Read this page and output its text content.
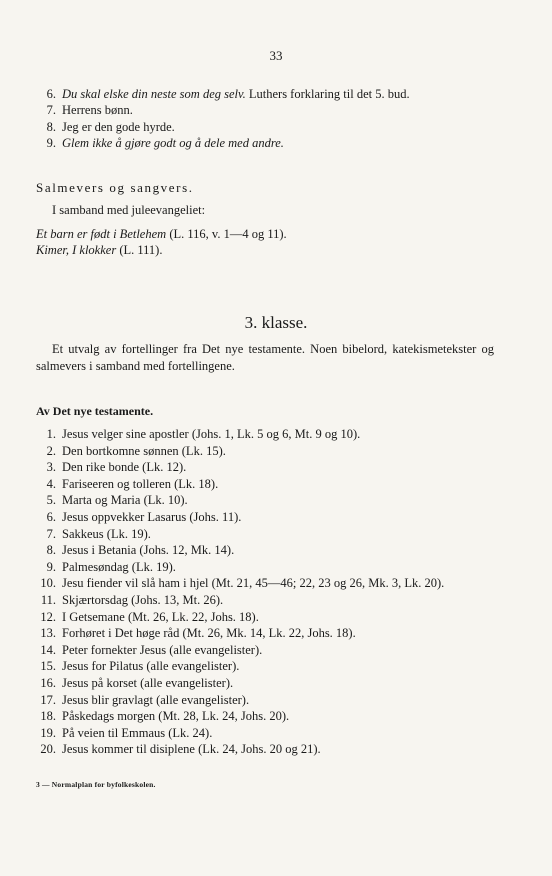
33
6. Du skal elske din neste som deg selv. Luthers forklaring til det 5. bud.
7. Herrens bønn.
8. Jeg er den gode hyrde.
9. Glem ikke å gjøre godt og å dele med andre.
Salmevers og sangvers.
I samband med juleevangeliet:
Et barn er født i Betlehem (L. 116, v. 1—4 og 11).
Kimer, I klokker (L. 111).
3. klasse.
Et utvalg av fortellinger fra Det nye testamente. Noen bibelord, katekismetekster og salmevers i samband med fortellingene.
Av Det nye testamente.
1. Jesus velger sine apostler (Johs. 1, Lk. 5 og 6, Mt. 9 og 10).
2. Den bortkomne sønnen (Lk. 15).
3. Den rike bonde (Lk. 12).
4. Fariseeren og tolleren (Lk. 18).
5. Marta og Maria (Lk. 10).
6. Jesus oppvekker Lasarus (Johs. 11).
7. Sakkeus (Lk. 19).
8. Jesus i Betania (Johs. 12, Mk. 14).
9. Palmesøndag (Lk. 19).
10. Jesu fiender vil slå ham i hjel (Mt. 21, 45—46; 22, 23 og 26, Mk. 3, Lk. 20).
11. Skjærtorsdag (Johs. 13, Mt. 26).
12. I Getsemane (Mt. 26, Lk. 22, Johs. 18).
13. Forhøret i Det høge råd (Mt. 26, Mk. 14, Lk. 22, Johs. 18).
14. Peter fornekter Jesus (alle evangelister).
15. Jesus for Pilatus (alle evangelister).
16. Jesus på korset (alle evangelister).
17. Jesus blir gravlagt (alle evangelister).
18. Påskedags morgen (Mt. 28, Lk. 24, Johs. 20).
19. På veien til Emmaus (Lk. 24).
20. Jesus kommer til disiplene (Lk. 24, Johs. 20 og 21).
3 — Normalplan for byfolkeskolen.
